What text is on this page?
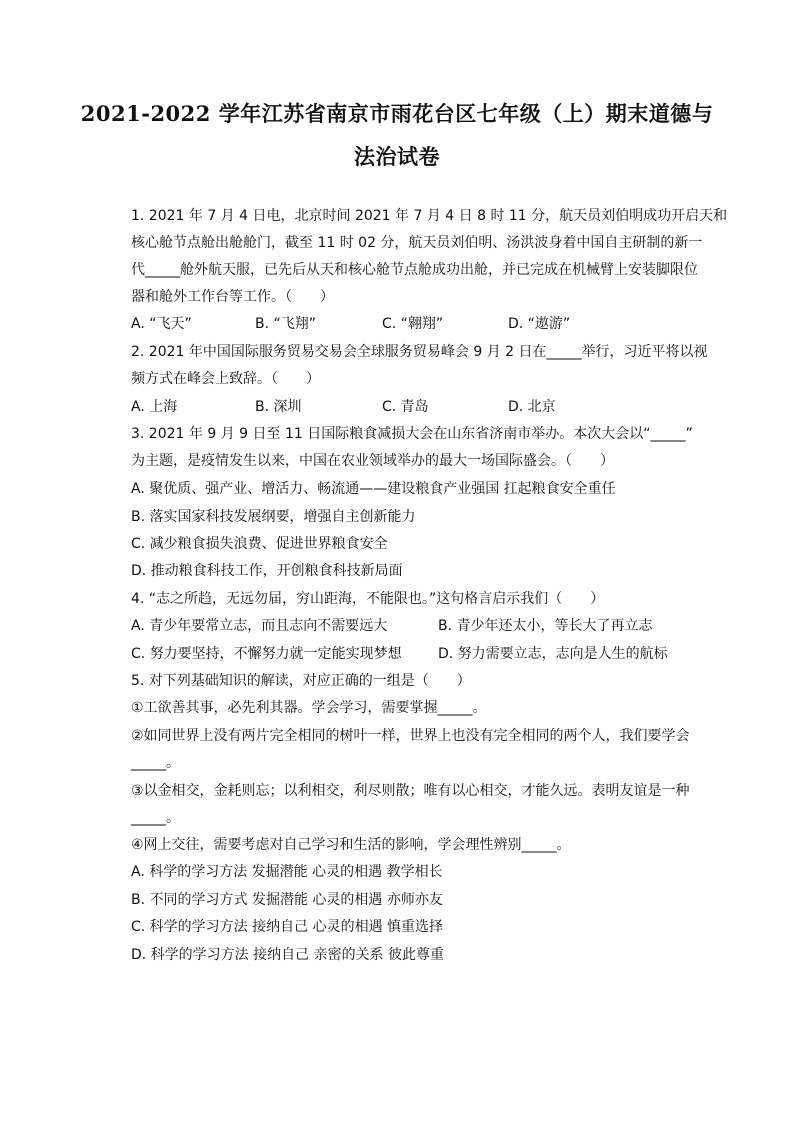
2021-2022 学年江苏省南京市雨花台区七年级（上）期末道德与
法治试卷
1. 2021 年 7 月 4 日电，北京时间 2021 年 7 月 4 日 8 时 11 分，航天员刘伯明成功开启天和
核心舱节点舱出舱舱门，截至 11 时 02 分，航天员刘伯明、汤洪波身着中国自主研制的新一
代_____舱外航天服，已先后从天和核心舱节点舱成功出舱，并已完成在机械臂上安装脚限位
器和舱外工作台等工作。（　　）
A. “飞天”	B. “飞翔”	C. “翱翔”	D. “遨游”
2. 2021 年中国国际服务贸易交易会全球服务贸易峰会 9 月 2 日在_____举行，习近平将以视
频方式在峰会上致辞。（　　）
A. 上海	B. 深圳	C. 青岛	D. 北京
3. 2021 年 9 月 9 日至 11 日国际粮食减损大会在山东省济南市举办。本次大会以“_____”
为主题，是疫情发生以来，中国在农业领域举办的最大一场国际盛会。（　　）
A. 聚优质、强产业、增活力、畅流通——建设粮食产业强国 扛起粮食安全重任
B. 落实国家科技发展纲要，增强自主创新能力
C. 减少粮食损失浪费、促进世界粮食安全
D. 推动粮食科技工作，开创粮食科技新局面
4. “志之所趋，无远勿届，穷山距海，不能限也。”这句格言启示我们（　　）
A. 青少年要常立志，而且志向不需要远大	B. 青少年还太小，等长大了再立志
C. 努力要坚持，不懈努力就一定能实现梦想	D. 努力需要立志，志向是人生的航标
5. 对下列基础知识的解读，对应正确的一组是（　　）
①工欲善其事，必先利其器。学会学习，需要掌握_____。
②如同世界上没有两片完全相同的树叶一样，世界上也没有完全相同的两个人，我们要学会
_____。
③以金相交，金耗则忘；以利相交，利尽则散；唯有以心相交，才能久远。表明友谊是一种
_____。
④网上交往，需要考虑对自己学习和生活的影响，学会理性辨别_____。
A. 科学的学习方法 发掘潜能 心灵的相遇 教学相长
B. 不同的学习方式 发掘潜能 心灵的相遇 亦师亦友
C. 科学的学习方法 接纳自己 心灵的相遇 慎重选择
D. 科学的学习方法 接纳自己 亲密的关系 彼此尊重
